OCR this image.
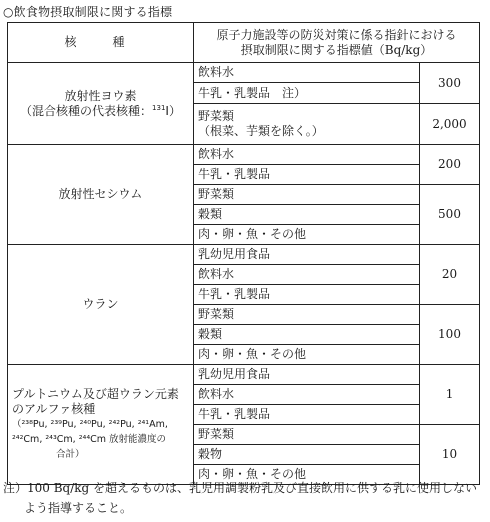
○飲食物摂取制限に関する指標
核　種	原子力施設等の防災対策に係る指針における
摂取制限に関する指標値（Bq/kg）	
放射性ヨウ素
（混合核種の代表核種：$^{131}$I）	飲料水	300
	牛乳・乳製品　注）	
	野菜類
（根菜、芋類を除く。）	2,000
放射性セシウム	飲料水	200
	牛乳・乳製品	
	野菜類	500
	穀類	
	肉・卵・魚・その他	
ウラン	乳幼児用食品	20
	飲料水	
	牛乳・乳製品	
	野菜類	100
	穀類	
	肉・卵・魚・その他	
プルトニウム及び超ウラン元素
のアルファ核種
（²³⁸Pu, ²³⁹Pu, ²⁴⁰Pu, ²⁴²Pu, ²⁴¹Am,
²⁴²Cm, ²⁴³Cm, ²⁴⁴Cm 放射能濃度の
合計）	乳幼児用食品	1
	飲料水	
	牛乳・乳製品	
	野菜類	10
	穀物	
	肉・卵・魚・その他	
注）100 Bq/kg を超えるものは、乳児用調製粉乳及び直接飲用に供する乳に使用しない
よう指導すること。
